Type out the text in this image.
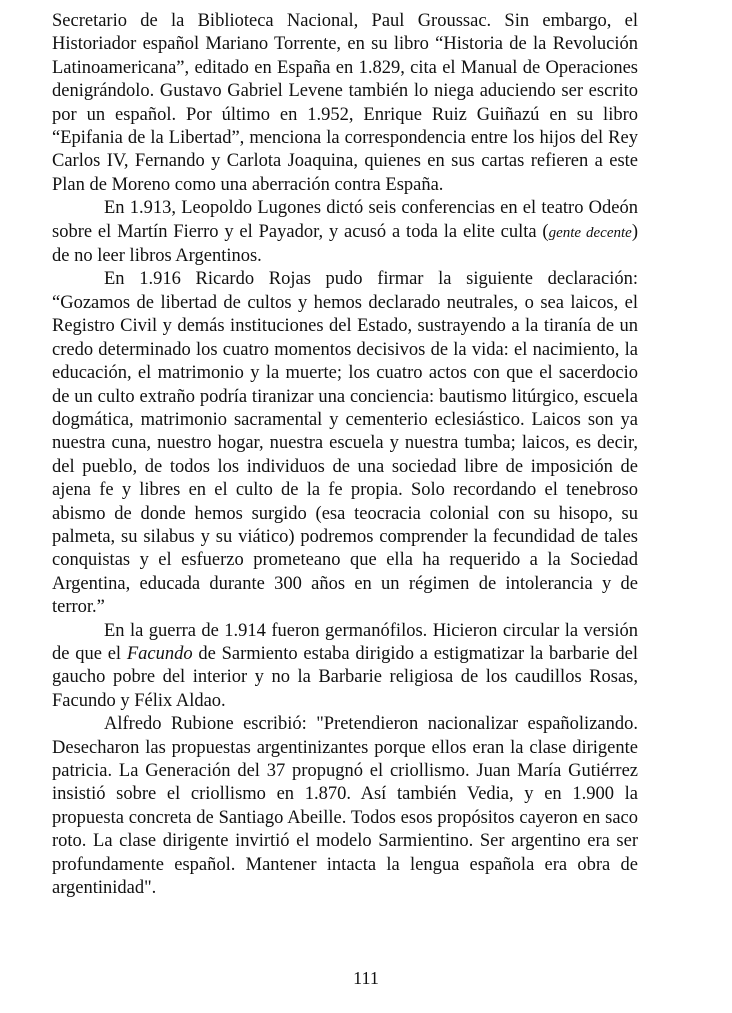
Secretario de la Biblioteca Nacional, Paul Groussac. Sin embargo, el Historiador español Mariano Torrente, en su libro “Historia de la Revolución Latinoamericana”, editado en España en 1.829, cita el Manual de Operaciones denigrándolo. Gustavo Gabriel Levene también lo niega aduciendo ser escrito por un español. Por último en 1.952, Enrique Ruiz Guiñazú en su libro “Epifania de la Libertad”, menciona la correspondencia entre los hijos del Rey Carlos IV, Fernando y Carlota Joaquina, quienes en sus cartas refieren a este Plan de Moreno como una aberración contra España.

En 1.913, Leopoldo Lugones dictó seis conferencias en el teatro Odeón sobre el Martín Fierro y el Payador, y acusó a toda la elite culta (gente decente) de no leer libros Argentinos.

En 1.916 Ricardo Rojas pudo firmar la siguiente declaración: “Gozamos de libertad de cultos y hemos declarado neutrales, o sea laicos, el Registro Civil y demás instituciones del Estado, sustrayendo a la tiranía de un credo determinado los cuatro momentos decisivos de la vida: el nacimiento, la educación, el matrimonio y la muerte; los cuatro actos con que el sacerdocio de un culto extraño podría tiranizar una conciencia: bautismo litúrgico, escuela dogmática, matrimonio sacramental y cementerio eclesiástico. Laicos son ya nuestra cuna, nuestro hogar, nuestra escuela y nuestra tumba; laicos, es decir, del pueblo, de todos los individuos de una sociedad libre de imposición de ajena fe y libres en el culto de la fe propia. Solo recordando el tenebroso abismo de donde hemos surgido (esa teocracia colonial con su hisopo, su palmeta, su silabus y su viático) podremos comprender la fecundidad de tales conquistas y el esfuerzo prometeano que ella ha requerido a la Sociedad Argentina, educada durante 300 años en un régimen de intolerancia y de terror.”

En la guerra de 1.914 fueron germanófilos. Hicieron circular la versión de que el Facundo de Sarmiento estaba dirigido a estigmatizar la barbarie del gaucho pobre del interior y no la Barbarie religiosa de los caudillos Rosas, Facundo y Félix Aldao.

Alfredo Rubione escribió: "Pretendieron nacionalizar españolizando. Desecharon las propuestas argentinizantes porque ellos eran la clase dirigente patricia. La Generación del 37 propugnó el criollismo. Juan María Gutiérrez insistió sobre el criollismo en 1.870. Así también Vedia, y en 1.900 la propuesta concreta de Santiago Abeille. Todos esos propósitos cayeron en saco roto. La clase dirigente invirtió el modelo Sarmientino. Ser argentino era ser profundamente español. Mantener intacta la lengua española era obra de argentinidad".

111
